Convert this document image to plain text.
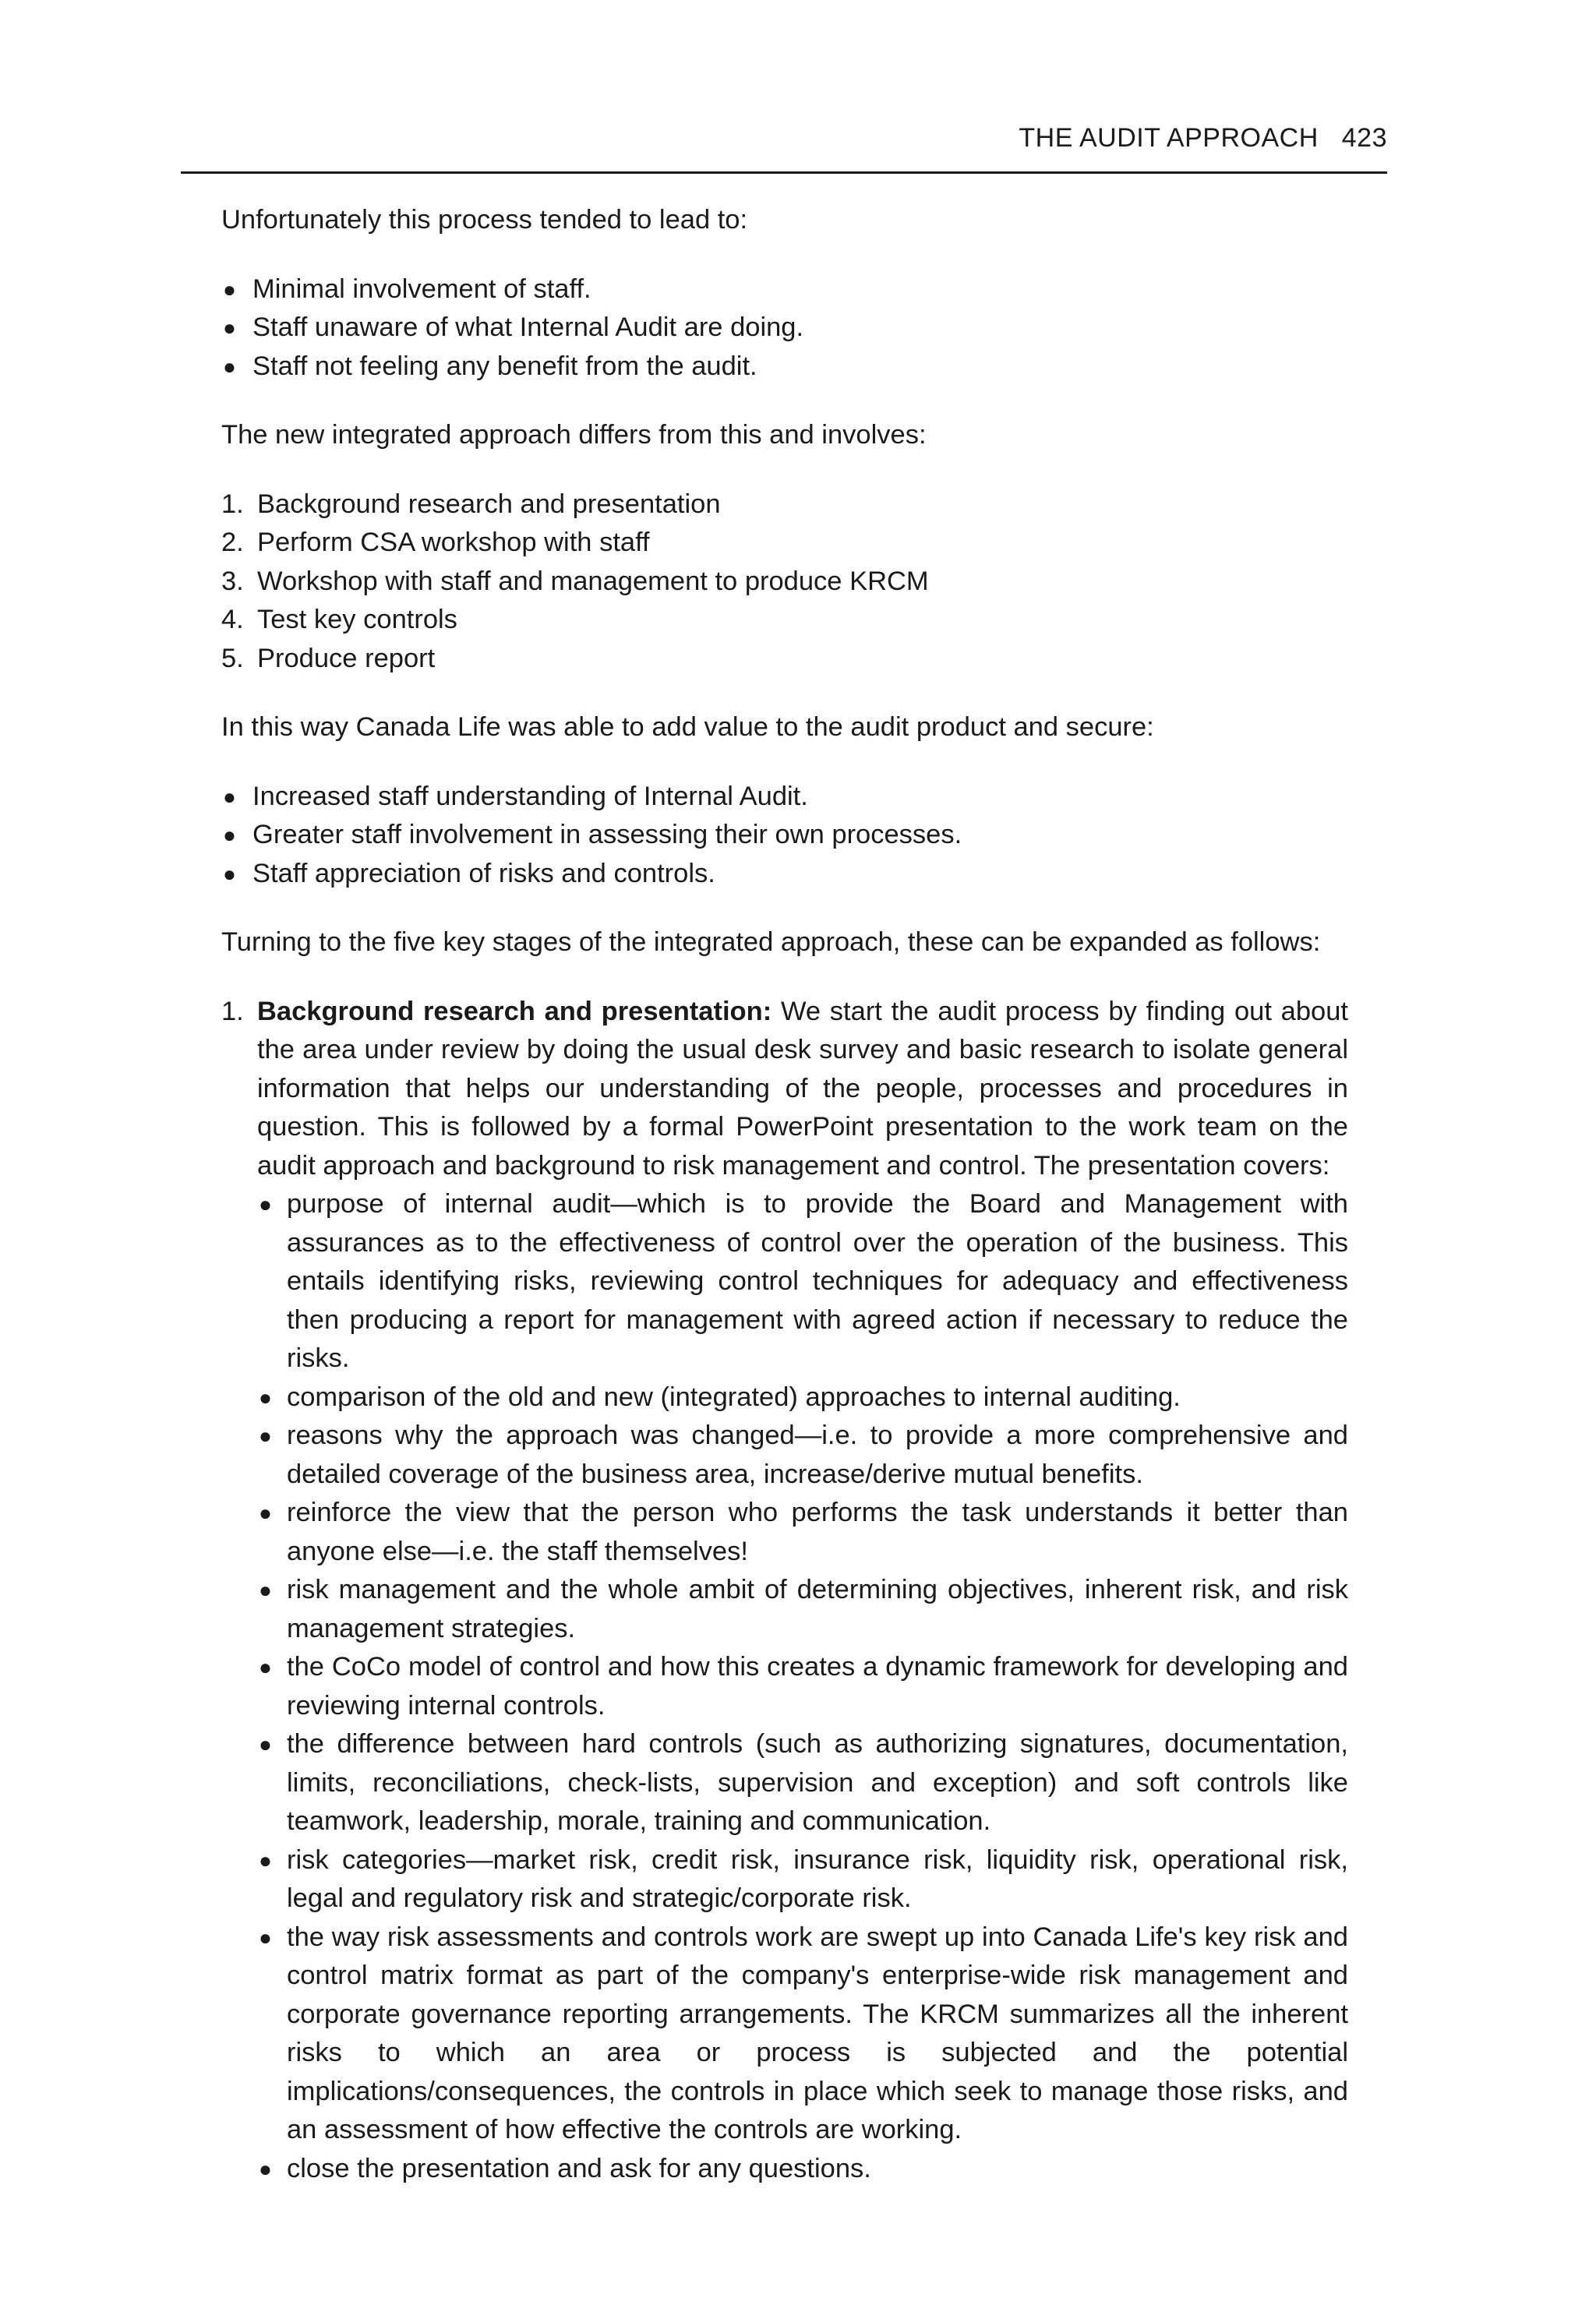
THE AUDIT APPROACH 423

Unfortunately this process tended to lead to:

● Minimal involvement of staff.
● Staff unaware of what Internal Audit are doing.
● Staff not feeling any benefit from the audit.

The new integrated approach differs from this and involves:

1. Background research and presentation
2. Perform CSA workshop with staff
3. Workshop with staff and management to produce KRCM
4. Test key controls
5. Produce report

In this way Canada Life was able to add value to the audit product and secure:

● Increased staff understanding of Internal Audit.
● Greater staff involvement in assessing their own processes.
● Staff appreciation of risks and controls.

Turning to the five key stages of the integrated approach, these can be expanded as follows:

1. Background research and presentation: We start the audit process by finding out about the area under review by doing the usual desk survey and basic research to isolate general information that helps our understanding of the people, processes and procedures in question. This is followed by a formal PowerPoint presentation to the work team on the audit approach and background to risk management and control. The presentation covers:
● purpose of internal audit—which is to provide the Board and Management with assurances as to the effectiveness of control over the operation of the business. This entails identifying risks, reviewing control techniques for adequacy and effectiveness then producing a report for management with agreed action if necessary to reduce the risks.
● comparison of the old and new (integrated) approaches to internal auditing.
● reasons why the approach was changed—i.e. to provide a more comprehensive and detailed coverage of the business area, increase/derive mutual benefits.
● reinforce the view that the person who performs the task understands it better than anyone else—i.e. the staff themselves!
● risk management and the whole ambit of determining objectives, inherent risk, and risk management strategies.
● the CoCo model of control and how this creates a dynamic framework for developing and reviewing internal controls.
● the difference between hard controls (such as authorizing signatures, documentation, limits, reconciliations, check-lists, supervision and exception) and soft controls like teamwork, leadership, morale, training and communication.
● risk categories—market risk, credit risk, insurance risk, liquidity risk, operational risk, legal and regulatory risk and strategic/corporate risk.
● the way risk assessments and controls work are swept up into Canada Life's key risk and control matrix format as part of the company's enterprise-wide risk management and corporate governance reporting arrangements. The KRCM summarizes all the inherent risks to which an area or process is subjected and the potential implications/consequences, the controls in place which seek to manage those risks, and an assessment of how effective the controls are working.
● close the presentation and ask for any questions.
